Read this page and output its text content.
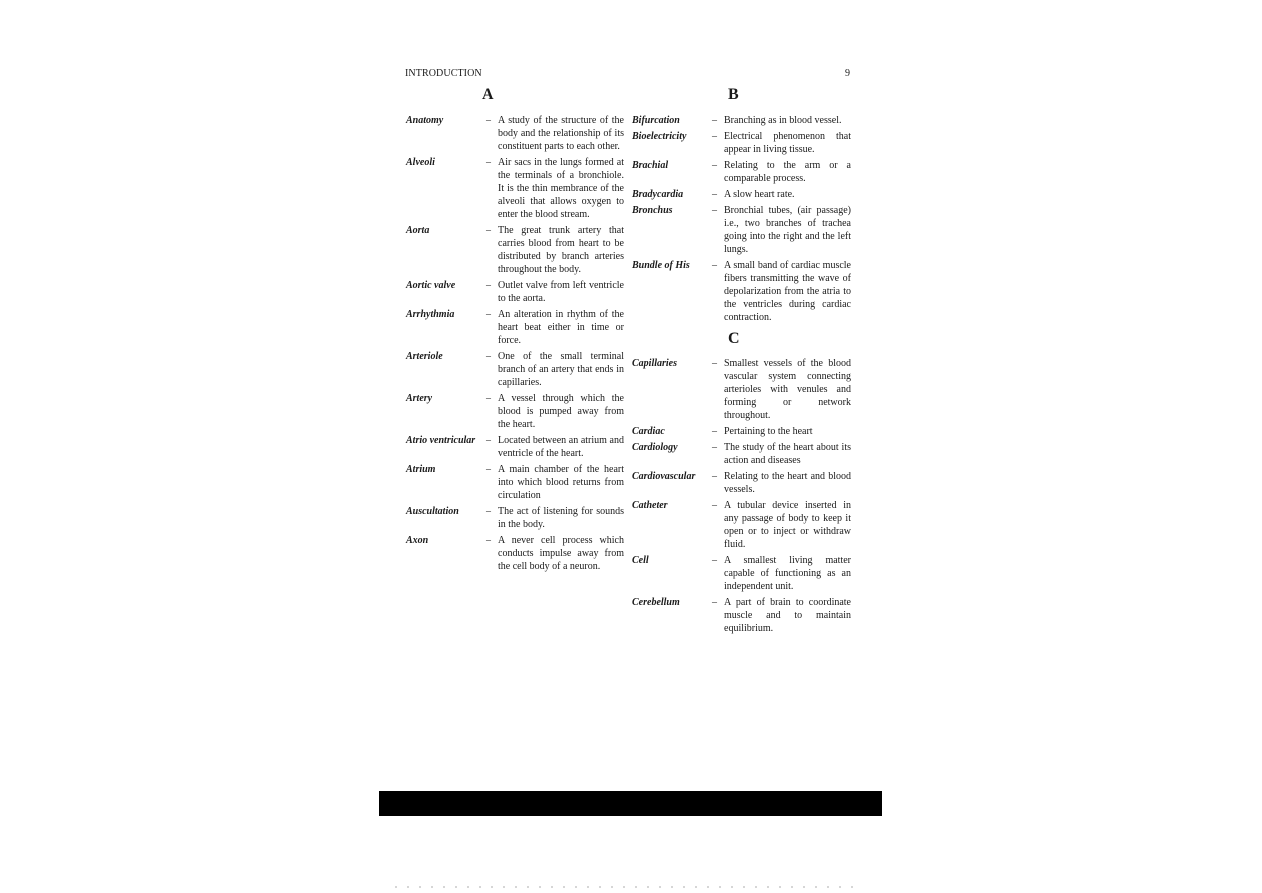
INTRODUCTION	9
A
Anatomy	– A study of the structure of the body and the relationship of its constituent parts to each other.
Alveoli	– Air sacs in the lungs formed at the terminals of a bronchiole. It is the thin membrance of the alveoli that allows oxygen to enter the blood stream.
Aorta	– The great trunk artery that carries blood from heart to be distributed by branch arteries throughout the body.
Aortic valve	– Outlet valve from left ventricle to the aorta.
Arrhythmia	– An alteration in rhythm of the heart beat either in time or force.
Arteriole	– One of the small terminal branch of an artery that ends in capillaries.
Artery	– A vessel through which the blood is pumped away from the heart.
Atrio ventricular – Located between an atrium and ventricle of the heart.
Atrium	– A main chamber of the heart into which blood returns from circulation
Auscultation	– The act of listening for sounds in the body.
Axon	– A never cell process which conducts impulse away from the cell body of a neuron.
B
Bifurcation	– Branching as in blood vessel.
Bioelectricity	– Electrical phenomenon that appear in living tissue.
Brachial	– Relating to the arm or a comparable process.
Bradycardia	– A slow heart rate.
Bronchus	– Bronchial tubes, (air passage) i.e., two branches of trachea going into the right and the left lungs.
Bundle of His – A small band of cardiac muscle fibers transmitting the wave of depolarization from the atria to the ventricles during cardiac contraction.
C
Capillaries	– Smallest vessels of the blood vascular system connecting arterioles with venules and forming or network throughout.
Cardiac	– Pertaining to the heart
Cardiology	– The study of the heart about its action and diseases
Cardiovascular – Relating to the heart and blood vessels.
Catheter	– A tubular device inserted in any passage of body to keep it open or to inject or withdraw fluid.
Cell	– A smallest living matter capable of functioning as an independent unit.
Cerebellum	– A part of brain to coordinate muscle and to maintain equilibrium.
